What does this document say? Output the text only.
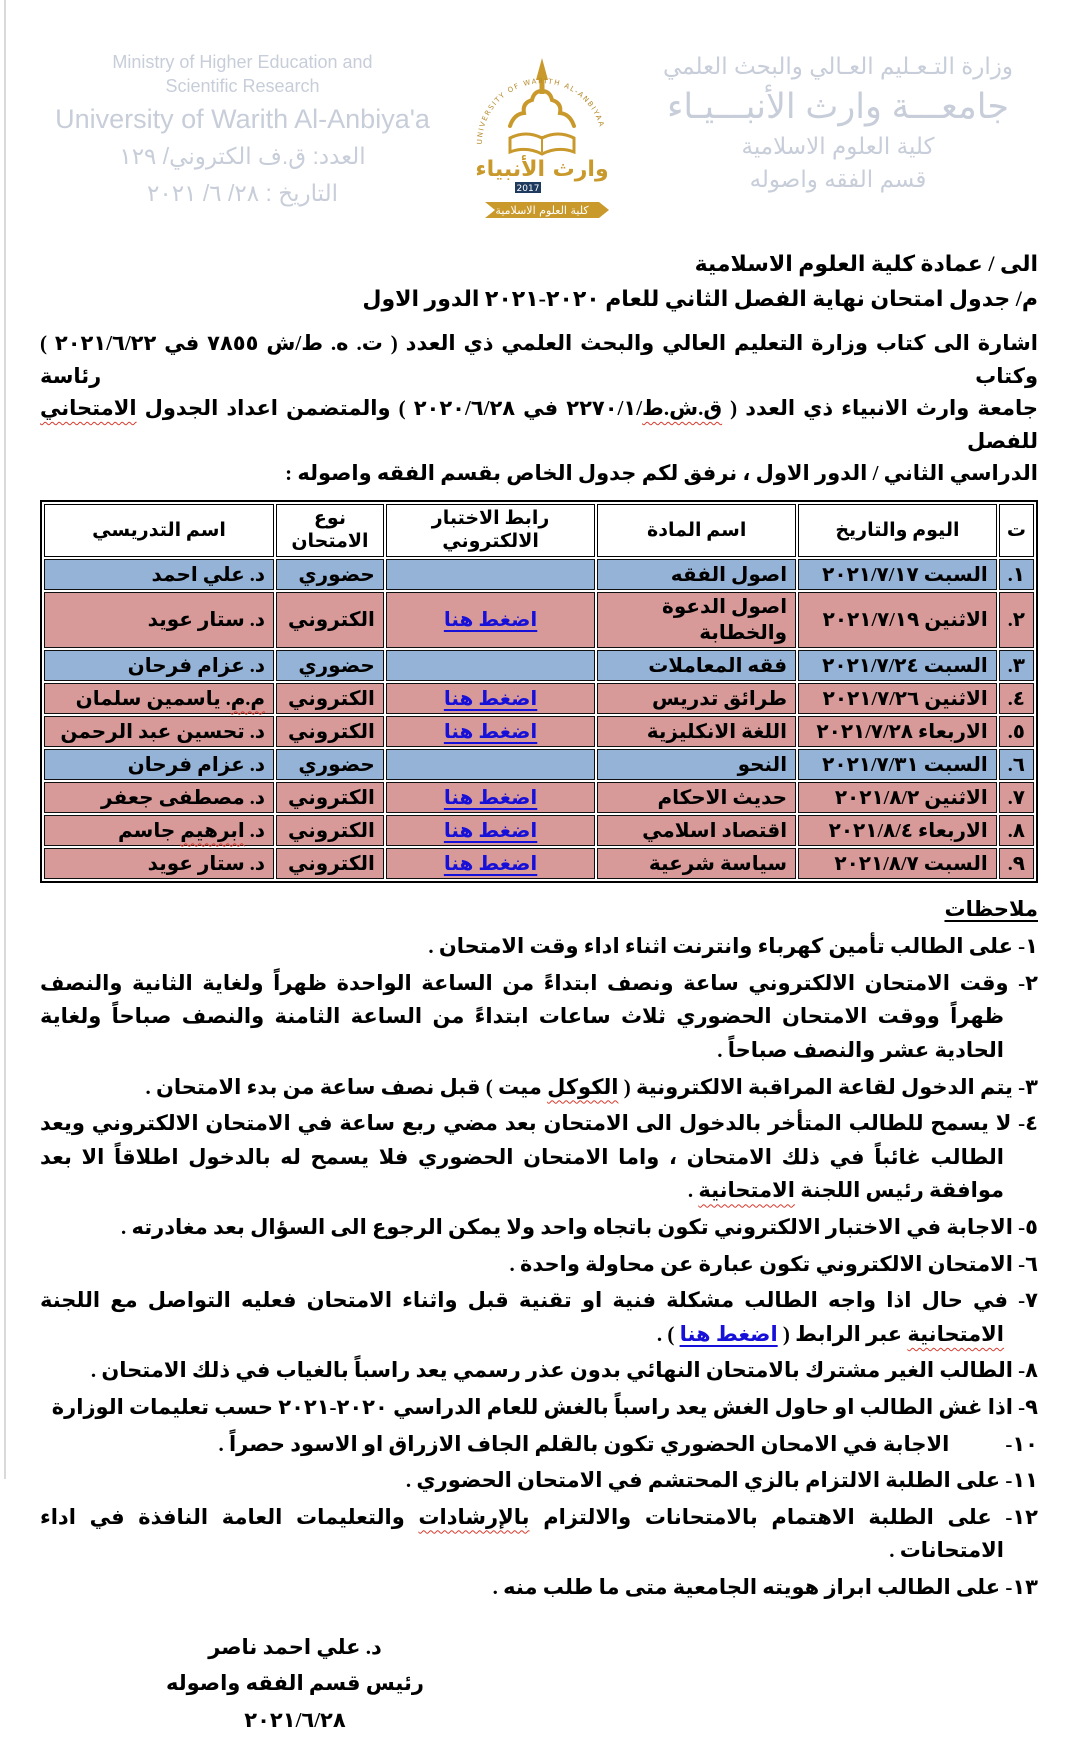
وزارة التـعـليم العـالي والبحث العلمي
جامعـــة وارث الأنبـــيـاء
كلية العلوم الاسلامية
قسم الفقه واصوله
UNIVERSITY OF WARITH AL-ANBIYAA
وارث الأنبياء
2017
كلية العلوم الاسلامية
Ministry of Higher Education and
Scientific Research
University of Warith Al-Anbiya'a
العدد: ق.ف الكتروني/ ١٢٩
التاريخ : ٢٨/ ٦/ ٢٠٢١
الى / عمادة كلية العلوم الاسلامية
م/ جدول امتحان نهاية الفصل الثاني للعام ٢٠٢٠-٢٠٢١ الدور الاول
اشارة الى كتاب وزارة التعليم العالي والبحث العلمي ذي العدد ( ت. ه. ط/ش ٧٨٥٥ في ٢٠٢١/٦/٢٢ ) وكتاب رئاسة
جامعة وارث الانبياء ذي العدد ( ق.ش.ط/٢٢٧٠/١ في ٢٠٢٠/٦/٢٨ ) والمتضمن اعداد الجدول الامتحاني للفصل
الدراسي الثاني / الدور الاول ، نرفق لكم جدول الخاص بقسم الفقه واصوله :
ت	اليوم والتاريخ	اسم المادة	رابط الاختبار الالكتروني	نوع الامتحان	اسم التدريسي
١.	السبت ٢٠٢١/٧/١٧	اصول الفقه		حضوري	د. علي احمد
٢.	الاثنين ٢٠٢١/٧/١٩	اصول الدعوة والخطابة	اضغط هنا	الكتروني	د. ستار عويد
٣.	السبت ٢٠٢١/٧/٢٤	فقه المعاملات		حضوري	د. عزام فرحان
٤.	الاثنين ٢٠٢١/٧/٢٦	طرائق تدريس	اضغط هنا	الكتروني	م.م. ياسمين سلمان
٥.	الاربعاء ٢٠٢١/٧/٢٨	اللغة الانكليزية	اضغط هنا	الكتروني	د. تحسين عبد الرحمن
٦.	السبت ٢٠٢١/٧/٣١	النحو		حضوري	د. عزام فرحان
٧.	الاثنين ٢٠٢١/٨/٢	حديث الاحكام	اضغط هنا	الكتروني	د. مصطفى جعفر
٨.	الاربعاء ٢٠٢١/٨/٤	اقتصاد اسلامي	اضغط هنا	الكتروني	د. ابرهيم جاسم
٩.	السبت ٢٠٢١/٨/٧	سياسة شرعية	اضغط هنا	الكتروني	د. ستار عويد
ملاحظات
١- على الطالب تأمين كهرباء وانترنت اثناء اداء وقت الامتحان .
٢- وقت الامتحان الالكتروني ساعة ونصف ابتداءً من الساعة الواحدة ظهراً ولغاية الثانية والنصف ظهراً ووقت الامتحان الحضوري ثلاث ساعات ابتداءً من الساعة الثامنة والنصف صباحاً ولغاية الحادية عشر والنصف صباحاً .
٣- يتم الدخول لقاعة المراقبة الالكترونية ( الكوكل ميت ) قبل نصف ساعة من بدء الامتحان .
٤- لا يسمح للطالب المتأخر بالدخول الى الامتحان بعد مضي ربع ساعة في الامتحان الالكتروني ويعد الطالب غائباً في ذلك الامتحان ، واما الامتحان الحضوري فلا يسمح له بالدخول اطلاقاً الا بعد موافقة رئيس اللجنة الامتحانية .
٥- الاجابة في الاختبار الالكتروني تكون باتجاه واحد ولا يمكن الرجوع الى السؤال بعد مغادرته .
٦- الامتحان الالكتروني تكون عبارة عن محاولة واحدة .
٧- في حال اذا واجه الطالب مشكلة فنية او تقنية قبل واثناء الامتحان فعليه التواصل مع اللجنة الامتحانية عبر الرابط ( اضغط هنا ) .
٨- الطالب الغير مشترك بالامتحان النهائي بدون عذر رسمي يعد راسباً بالغياب في ذلك الامتحان .
٩- اذا غش الطالب او حاول الغش يعد راسباً بالغش للعام الدراسي ٢٠٢٠-٢٠٢١ حسب تعليمات الوزارة
١٠-الاجابة في الامحان الحضوري تكون بالقلم الجاف الازراق او الاسود حصراً .
١١- على الطلبة الالتزام بالزي المحتشم في الامتحان الحضوري .
١٢- على الطلبة الاهتمام بالامتحانات والالتزام بالإرشادات والتعليمات العامة النافذة في اداء الامتحانات .
١٣- على الطالب ابراز هويته الجامعية متى ما طلب منه .
د. علي احمد ناصر
رئيس قسم الفقه واصوله
٢٠٢١/٦/٢٨
